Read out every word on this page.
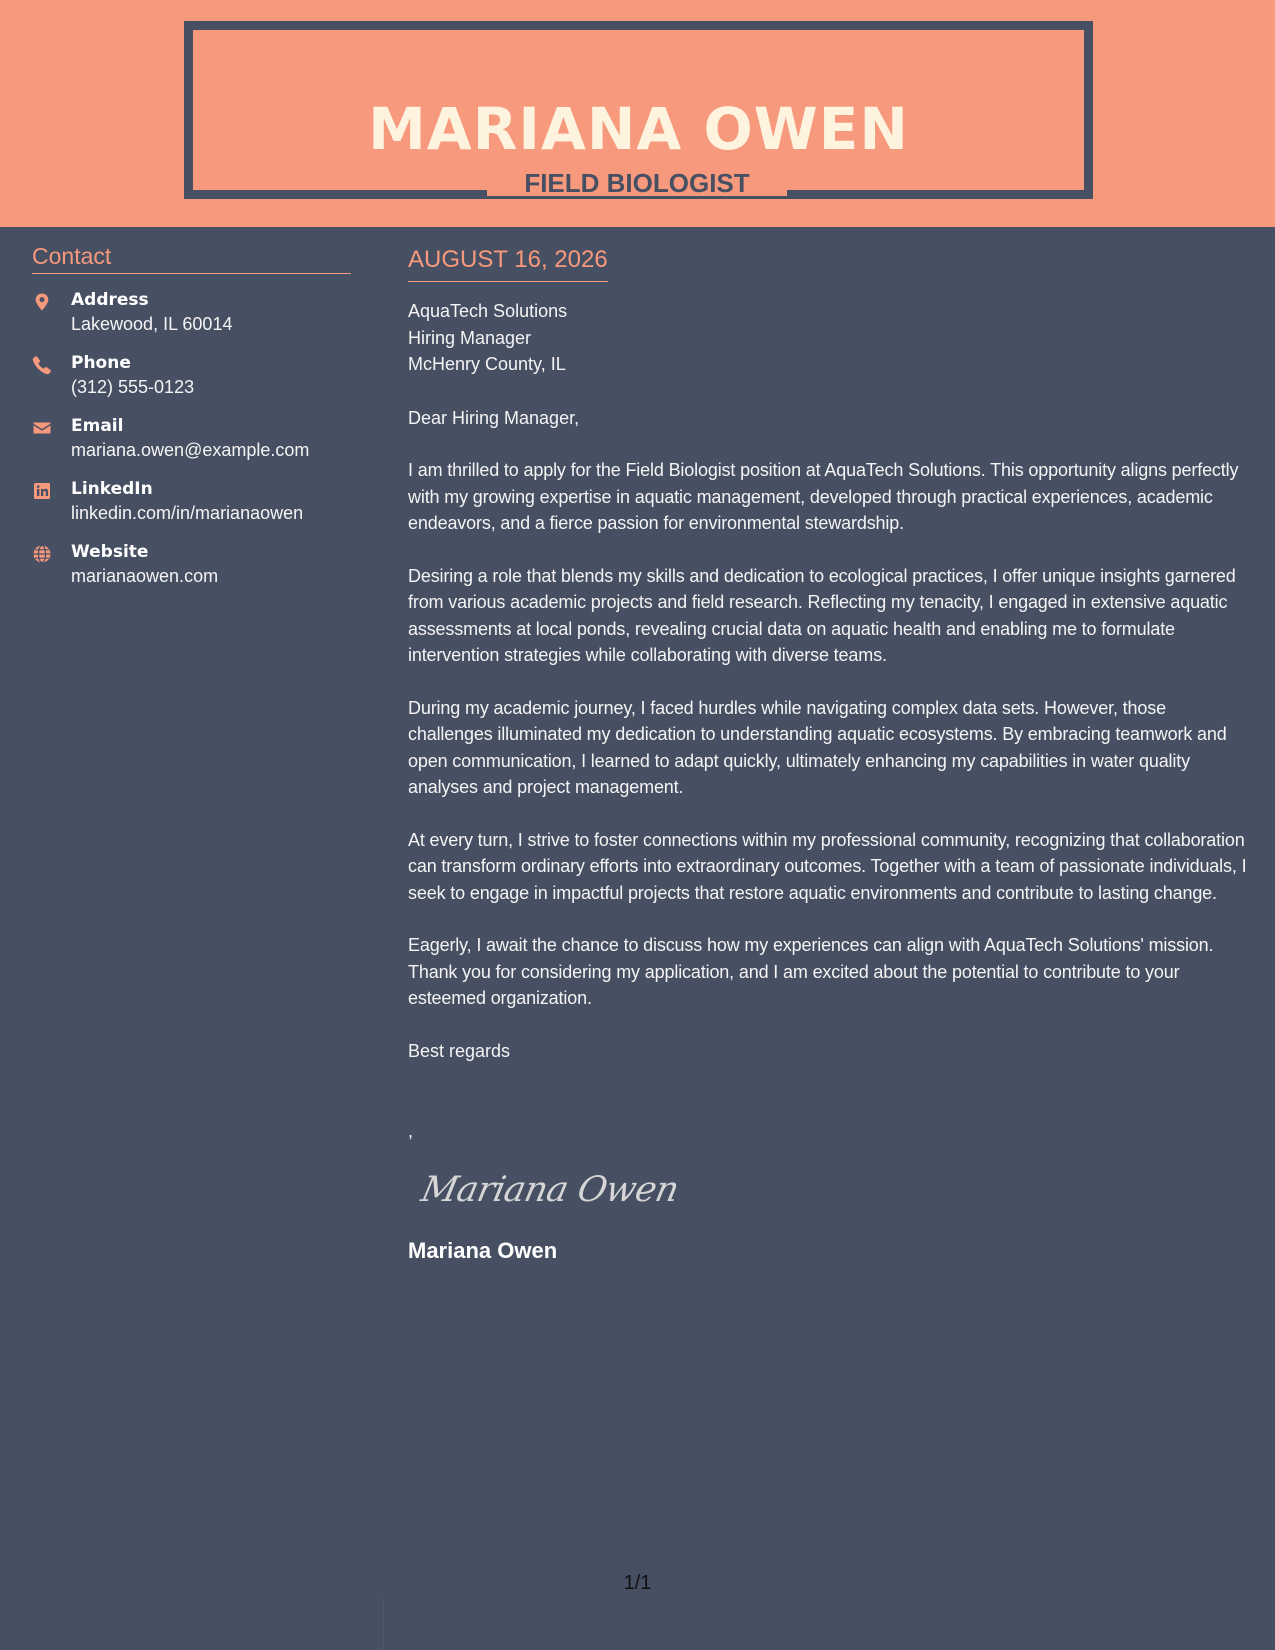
MARIANA OWEN
FIELD BIOLOGIST
Contact
Address
Lakewood, IL 60014
Phone
(312) 555-0123
Email
mariana.owen@example.com
LinkedIn
linkedin.com/in/marianaowen
Website
marianaowen.com
AUGUST 16, 2026
AquaTech Solutions
Hiring Manager
McHenry County, IL
Dear Hiring Manager,
I am thrilled to apply for the Field Biologist position at AquaTech Solutions. This opportunity aligns perfectly with my growing expertise in aquatic management, developed through practical experiences, academic endeavors, and a fierce passion for environmental stewardship.
Desiring a role that blends my skills and dedication to ecological practices, I offer unique insights garnered from various academic projects and field research. Reflecting my tenacity, I engaged in extensive aquatic assessments at local ponds, revealing crucial data on aquatic health and enabling me to formulate intervention strategies while collaborating with diverse teams.
During my academic journey, I faced hurdles while navigating complex data sets. However, those challenges illuminated my dedication to understanding aquatic ecosystems. By embracing teamwork and open communication, I learned to adapt quickly, ultimately enhancing my capabilities in water quality analyses and project management.
At every turn, I strive to foster connections within my professional community, recognizing that collaboration can transform ordinary efforts into extraordinary outcomes. Together with a team of passionate individuals, I seek to engage in impactful projects that restore aquatic environments and contribute to lasting change.
Eagerly, I await the chance to discuss how my experiences can align with AquaTech Solutions' mission. Thank you for considering my application, and I am excited about the potential to contribute to your esteemed organization.
Best regards
,
Mariana Owen
Mariana Owen
1/1
